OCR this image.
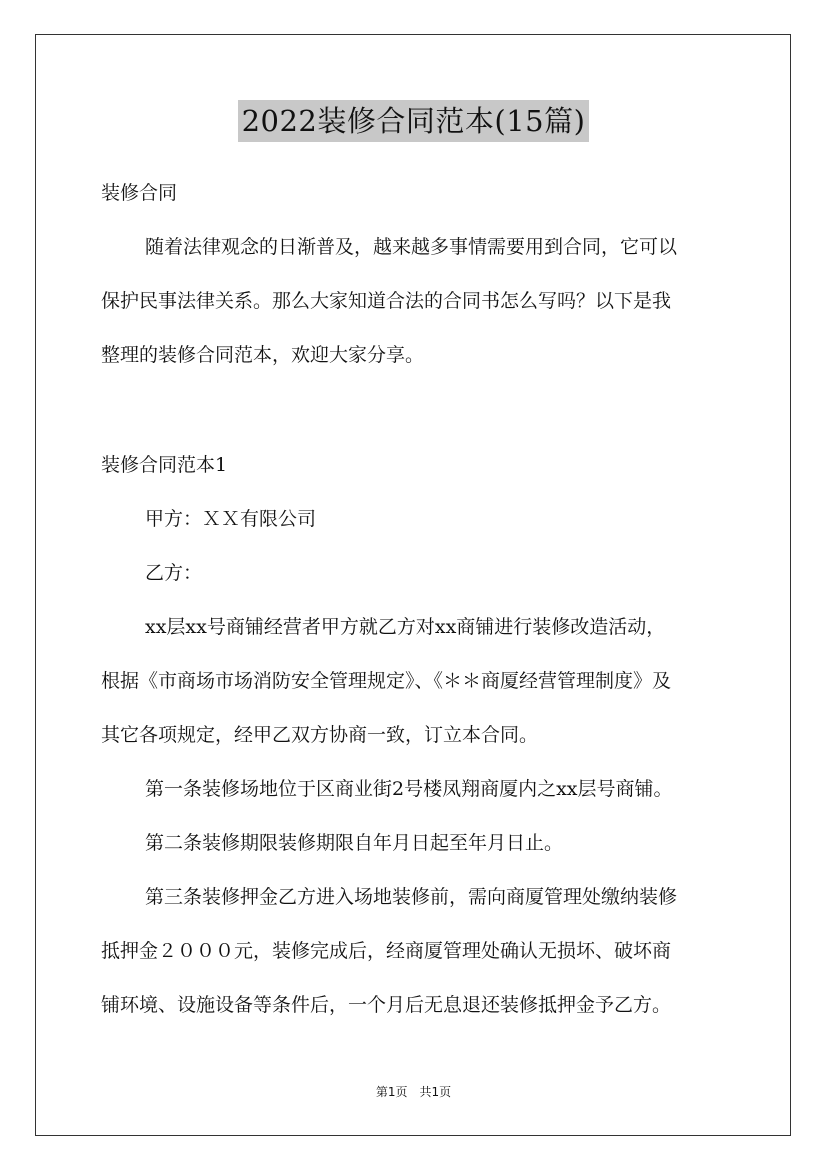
2022装修合同范本(15篇)
装修合同
随着法律观念的日渐普及，越来越多事情需要用到合同，它可以
保护民事法律关系。那么大家知道合法的合同书怎么写吗？以下是我
整理的装修合同范本，欢迎大家分享。
装修合同范本1
甲方：ＸＸ有限公司
乙方：
xx层xx号商铺经营者甲方就乙方对xx商铺进行装修改造活动，
根据《市商场市场消防安全管理规定》、《＊＊商厦经营管理制度》及
其它各项规定，经甲乙双方协商一致，订立本合同。
第一条装修场地位于区商业街2号楼凤翔商厦内之xx层号商铺。
第二条装修期限装修期限自年月日起至年月日止。
第三条装修押金乙方进入场地装修前，需向商厦管理处缴纳装修
抵押金２０００元，装修完成后，经商厦管理处确认无损坏、破坏商
铺环境、设施设备等条件后，一个月后无息退还装修抵押金予乙方。
第1页　共1页
